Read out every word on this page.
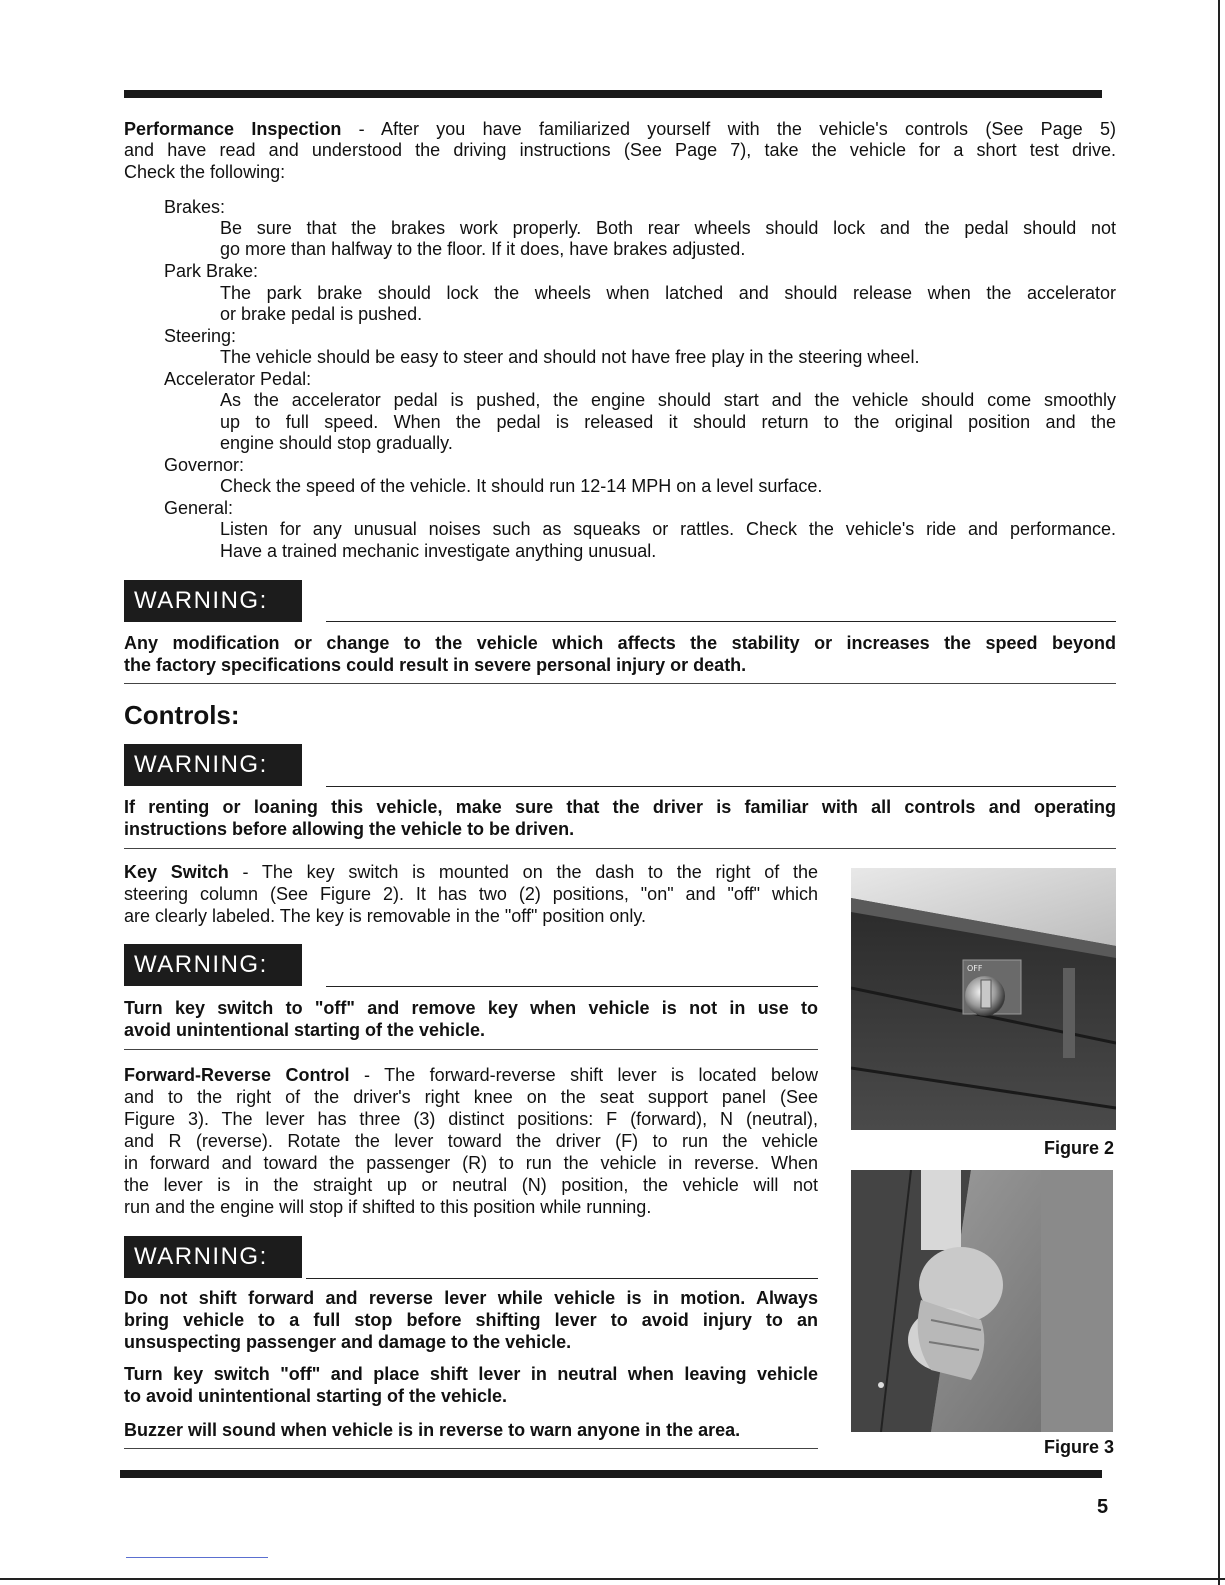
Performance Inspection - After you have familiarized yourself with the vehicle's controls (See Page 5)
and have read and understood the driving instructions (See Page 7), take the vehicle for a short test drive.
Check the following:
Brakes:
Be sure that the brakes work properly. Both rear wheels should lock and the pedal should not
go more than halfway to the floor. If it does, have brakes adjusted.
Park Brake:
The park brake should lock the wheels when latched and should release when the accelerator
or brake pedal is pushed.
Steering:
The vehicle should be easy to steer and should not have free play in the steering wheel.
Accelerator Pedal:
As the accelerator pedal is pushed, the engine should start and the vehicle should come smoothly
up to full speed. When the pedal is released it should return to the original position and the
engine should stop gradually.
Governor:
Check the speed of the vehicle. It should run 12-14 MPH on a level surface.
General:
Listen for any unusual noises such as squeaks or rattles. Check the vehicle's ride and performance.
Have a trained mechanic investigate anything unusual.
WARNING:
Any modification or change to the vehicle which affects the stability or increases the speed beyond
the factory specifications could result in severe personal injury or death.
Controls:
WARNING:
If renting or loaning this vehicle, make sure that the driver is familiar with all controls and operating
instructions before allowing the vehicle to be driven.
Key Switch - The key switch is mounted on the dash to the right of the
steering column (See Figure 2). It has two (2) positions, "on" and "off" which
are clearly labeled. The key is removable in the "off" position only.
WARNING:
Turn key switch to "off" and remove key when vehicle is not in use to
avoid unintentional starting of the vehicle.
Forward-Reverse Control - The forward-reverse shift lever is located below
and to the right of the driver's right knee on the seat support panel (See
Figure 3). The lever has three (3) distinct positions: F (forward), N (neutral),
and R (reverse). Rotate the lever toward the driver (F) to run the vehicle
in forward and toward the passenger (R) to run the vehicle in reverse. When
the lever is in the straight up or neutral (N) position, the vehicle will not
run and the engine will stop if shifted to this position while running.
WARNING:
Do not shift forward and reverse lever while vehicle is in motion. Always
bring vehicle to a full stop before shifting lever to avoid injury to an
unsuspecting passenger and damage to the vehicle.
Turn key switch "off" and place shift lever in neutral when leaving vehicle
to avoid unintentional starting of the vehicle.
Buzzer will sound when vehicle is in reverse to warn anyone in the area.
OFF
Figure 2
Figure 3
5
